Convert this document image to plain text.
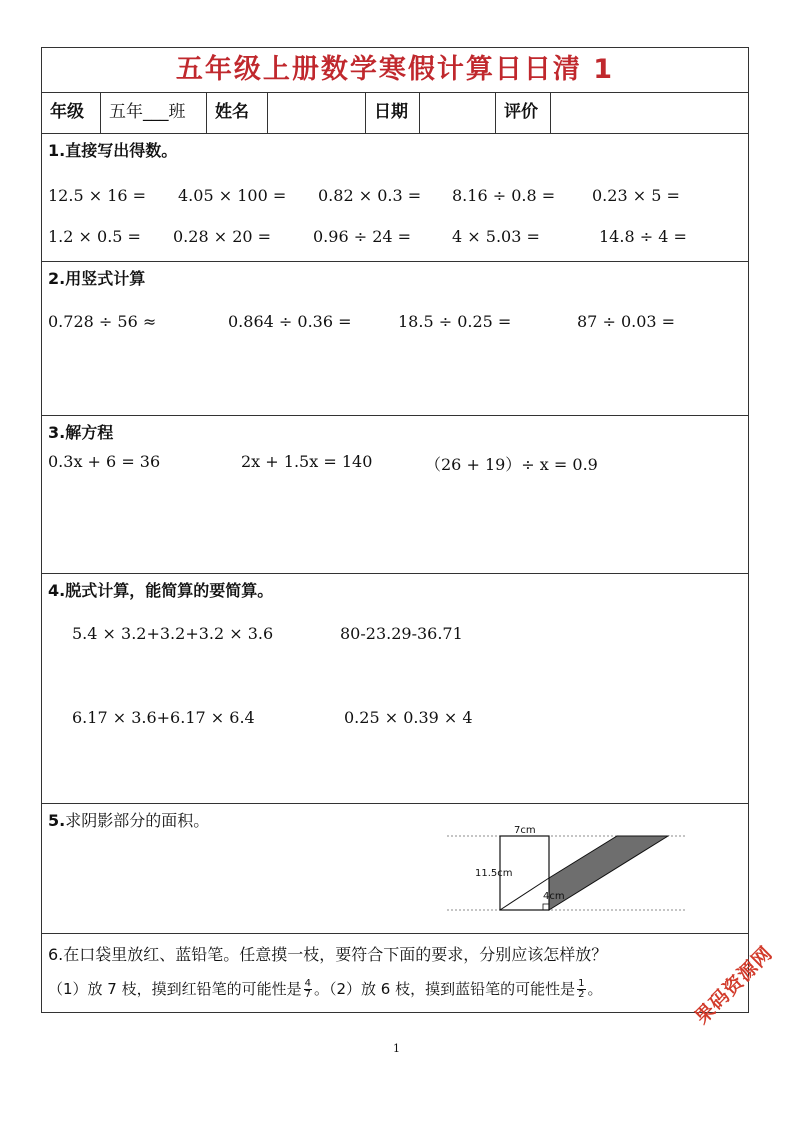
五年级上册数学寒假计算日日清 1
年级	五年___班	姓名	日期	评价
1.直接写出得数。
12.5 × 16 = 4.05 × 100 = 0.82 × 0.3 = 8.16 ÷ 0.8 = 0.23 × 5 =
1.2 × 0.5 = 0.28 × 20 =	0.96 ÷ 24 =	4 × 5.03 =	14.8 ÷ 4 =
2.用竖式计算
0.728 ÷ 56 ≈	0.864 ÷ 0.36 =	18.5 ÷ 0.25 =	87 ÷ 0.03 =
3.解方程
0.3x + 6 = 36	2x + 1.5x = 140	（26 + 19）÷ x = 0.9
4.脱式计算，能简算的要简算。
5.4 × 3.2+3.2+3.2 × 3.6	80-23.29-36.71
6.17 × 3.6+6.17 × 6.4	0.25 × 0.39 × 4
5.求阴影部分的面积。
7cm
11.5cm
4cm
6.在口袋里放红、蓝铅笔。任意摸一枝，要符合下面的要求，分别应该怎样放？
（1）放 7 枝，摸到红铅笔的可能性是 $\frac{4}{7}$ 。（2）放 6 枝，摸到蓝铅笔的可能性是 $\frac{1}{2}$ 。
1
果码资源网
